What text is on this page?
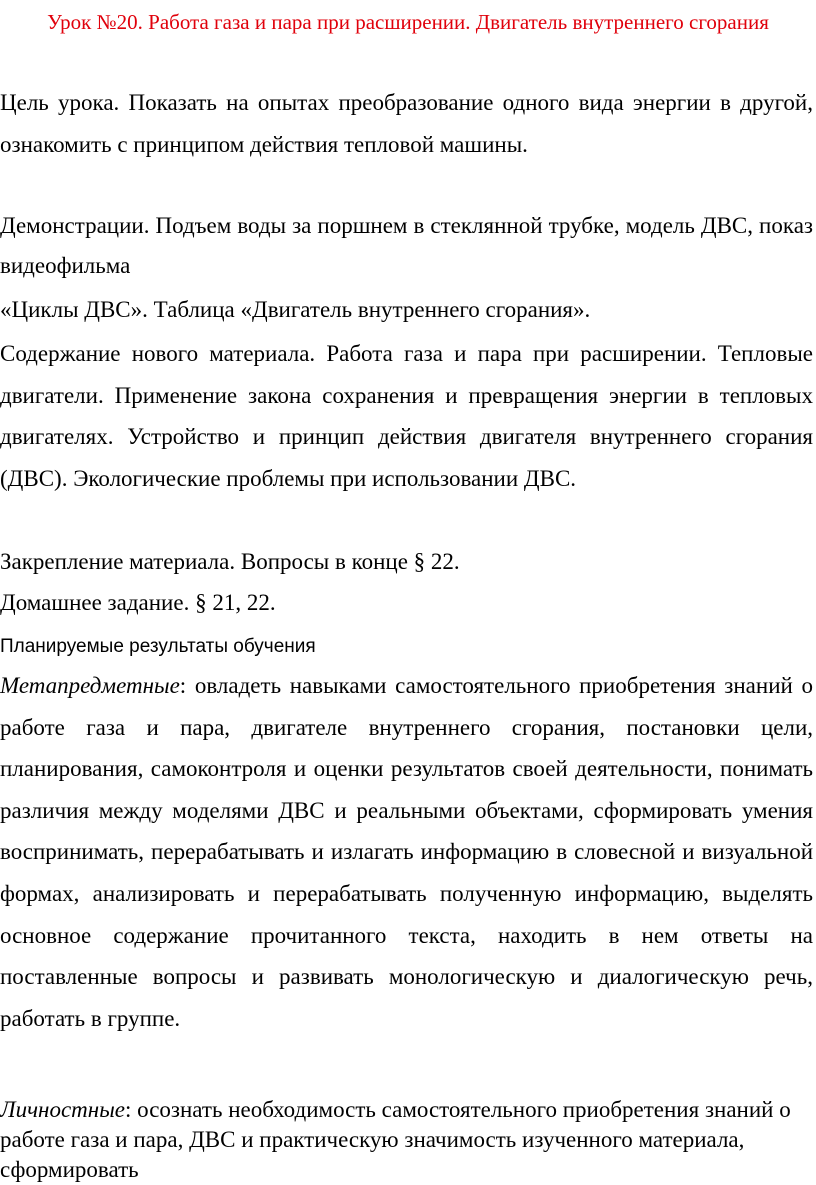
Урок №20. Работа газа и пара при расширении. Двигатель внутреннего сгорания

Цель урока. Показать на опытах преобразование одного вида энергии в другой, ознакомить с принципом действия тепловой машины.

Демонстрации. Подъем воды за поршнем в стеклянной трубке, модель ДВС, показ видеофильма

«Циклы ДВС». Таблица «Двигатель внутреннего сгорания».

Содержание нового материала. Работа газа и пара при расширении. Тепловые двигатели. Применение закона сохранения и превращения энергии в тепловых двигателях. Устройство и принцип действия двигателя внутреннего сгорания (ДВС). Экологические проблемы при использовании ДВС.

Закрепление материала. Вопросы в конце § 22.

Домашнее задание. § 21, 22.

Планируемые результаты обучения

Метапредметные: овладеть навыками самостоятельного приобретения знаний о работе газа и пара, двигателе внутреннего сгорания, постановки цели, планирования, самоконтроля и оценки результатов своей деятельности, понимать различия между моделями ДВС и реальными объектами, сформировать умения воспринимать, перерабатывать и излагать информацию в словесной и визуальной формах, анализировать и перерабатывать полученную информацию, выделять основное содержание прочитанного текста, находить в нем ответы на поставленные вопросы и развивать монологическую и диалогическую речь, работать в группе.

Личностные: осознать необходимость самостоятельного приобретения знаний о работе газа и пара, ДВС и практическую значимость изученного материала, сформировать
